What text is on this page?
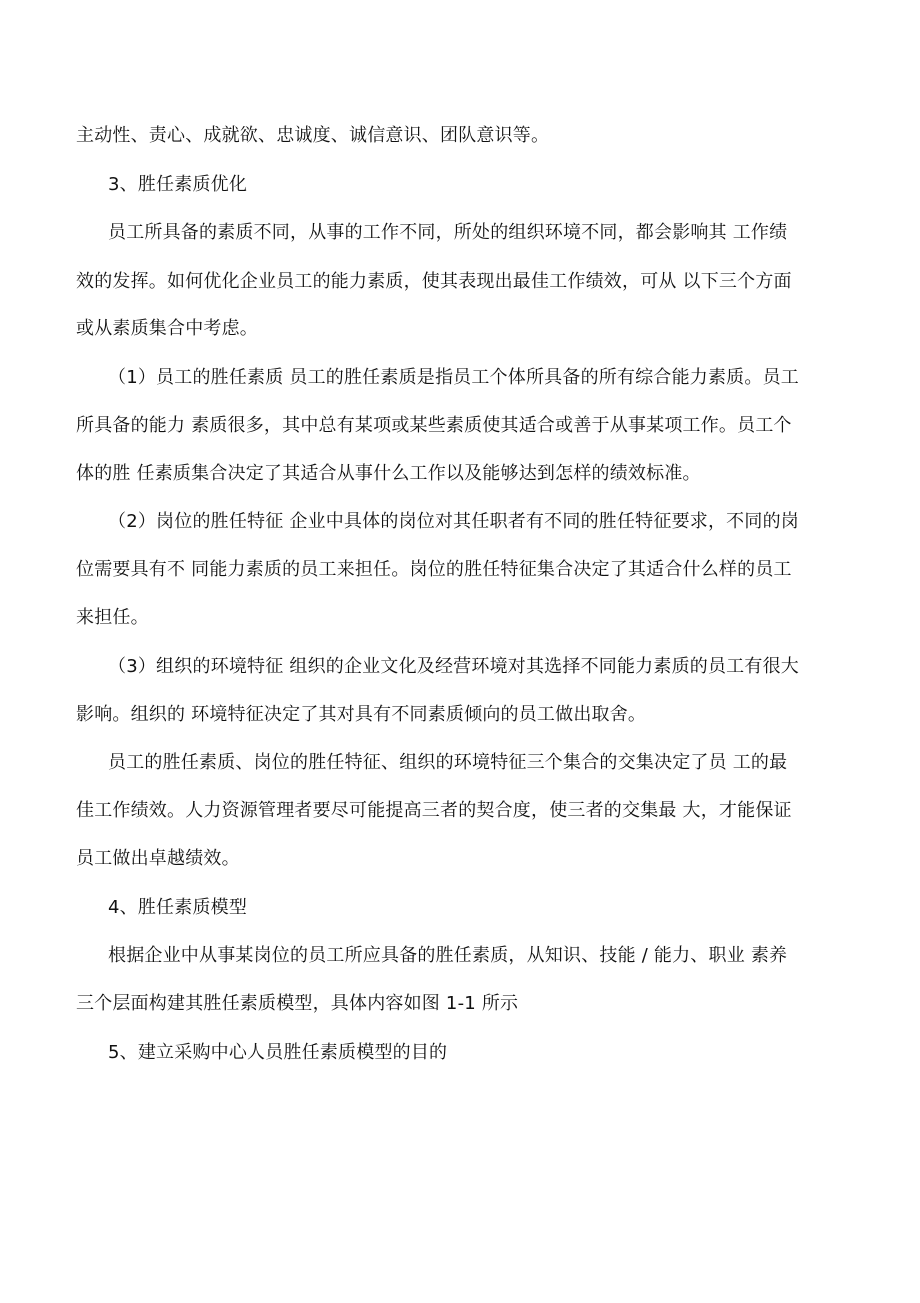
主动性、责心、成就欲、忠诚度、诚信意识、团队意识等。
3、胜任素质优化
员工所具备的素质不同，从事的工作不同，所处的组织环境不同，都会影响其 工作绩
效的发挥。如何优化企业员工的能力素质，使其表现出最佳工作绩效，可从 以下三个方面
或从素质集合中考虑。
（1）员工的胜任素质 员工的胜任素质是指员工个体所具备的所有综合能力素质。员工
所具备的能力 素质很多，其中总有某项或某些素质使其适合或善于从事某项工作。员工个
体的胜 任素质集合决定了其适合从事什么工作以及能够达到怎样的绩效标准。
（2）岗位的胜任特征 企业中具体的岗位对其任职者有不同的胜任特征要求，不同的岗
位需要具有不 同能力素质的员工来担任。岗位的胜任特征集合决定了其适合什么样的员工
来担任。
（3）组织的环境特征 组织的企业文化及经营环境对其选择不同能力素质的员工有很大
影响。组织的 环境特征决定了其对具有不同素质倾向的员工做出取舍。
员工的胜任素质、岗位的胜任特征、组织的环境特征三个集合的交集决定了员 工的最
佳工作绩效。人力资源管理者要尽可能提高三者的契合度，使三者的交集最 大，才能保证
员工做出卓越绩效。
4、胜任素质模型
根据企业中从事某岗位的员工所应具备的胜任素质，从知识、技能 / 能力、职业 素养
三个层面构建其胜任素质模型，具体内容如图 1-1 所示
5、建立采购中心人员胜任素质模型的目的
